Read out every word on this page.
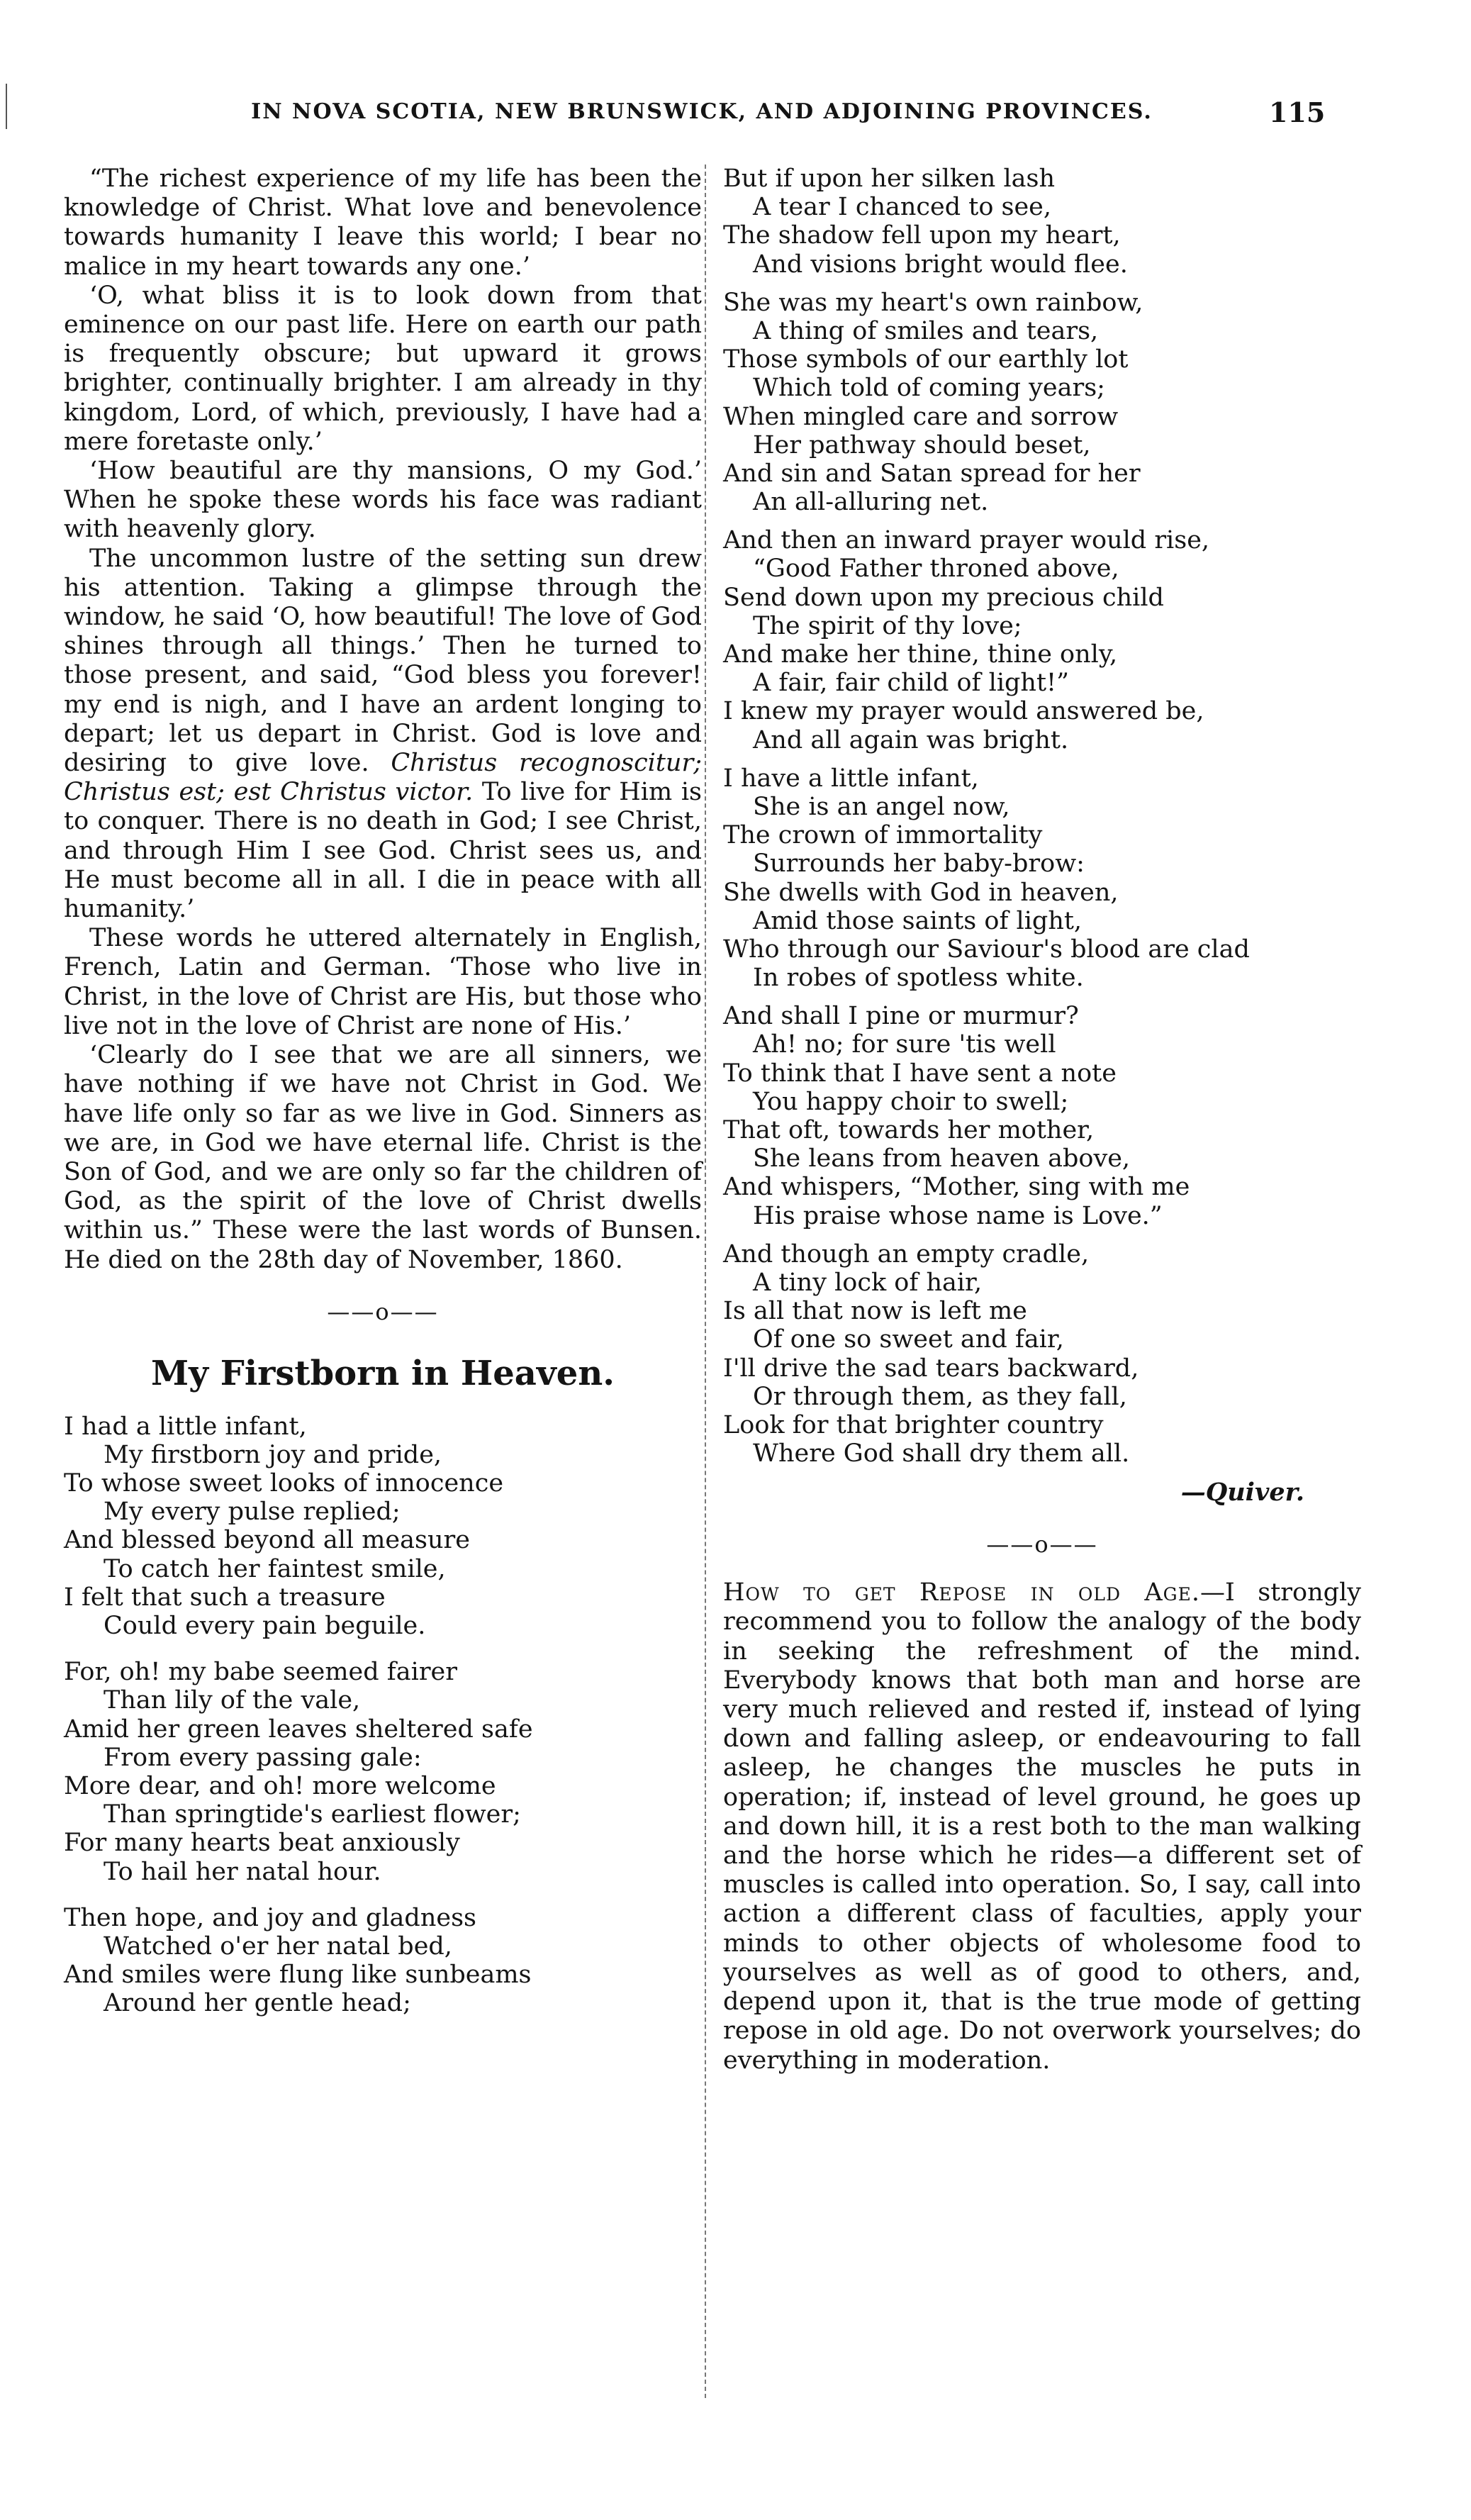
IN NOVA SCOTIA, NEW BRUNSWICK, AND ADJOINING PROVINCES.	115

“The richest experience of my life has been the knowledge of Christ. What love and benevolence towards humanity I leave this world; I bear no malice in my heart towards any one.’

‘O, what bliss it is to look down from that eminence on our past life. Here on earth our path is frequently obscure; but upward it grows brighter, continually brighter. I am already in thy kingdom, Lord, of which, previously, I have had a mere foretaste only.’

‘How beautiful are thy mansions, O my God.’ When he spoke these words his face was radiant with heavenly glory.

The uncommon lustre of the setting sun drew his attention. Taking a glimpse through the window, he said ‘O, how beautiful! The love of God shines through all things.’ Then he turned to those present, and said, “God bless you forever! my end is nigh, and I have an ardent longing to depart; let us depart in Christ. God is love and desiring to give love. Christus recognoscitur; Christus est; est Christus victor. To live for Him is to conquer. There is no death in God; I see Christ, and through Him I see God. Christ sees us, and He must become all in all. I die in peace with all humanity.’

These words he uttered alternately in English, French, Latin and German. ‘Those who live in Christ, in the love of Christ are His, but those who live not in the love of Christ are none of His.’

‘Clearly do I see that we are all sinners, we have nothing if we have not Christ in God. We have life only so far as we live in God. Sinners as we are, in God we have eternal life. Christ is the Son of God, and we are only so far the children of God, as the spirit of the love of Christ dwells within us.” These were the last words of Bunsen. He died on the 28th day of November, 1860.

——o——
My Firstborn in Heaven.
I had a little infant,
My firstborn joy and pride,
To whose sweet looks of innocence
My every pulse replied;
And blessed beyond all measure
To catch her faintest smile,
I felt that such a treasure
Could every pain beguile.
For, oh! my babe seemed fairer
Than lily of the vale,
Amid her green leaves sheltered safe
From every passing gale:
More dear, and oh! more welcome
Than springtide's earliest flower;
For many hearts beat anxiously
To hail her natal hour.
Then hope, and joy and gladness
Watched o'er her natal bed,
And smiles were flung like sunbeams
Around her gentle head;
But if upon her silken lash
A tear I chanced to see,
The shadow fell upon my heart,
And visions bright would flee.
She was my heart's own rainbow,
A thing of smiles and tears,
Those symbols of our earthly lot
Which told of coming years;
When mingled care and sorrow
Her pathway should beset,
And sin and Satan spread for her
An all-alluring net.
And then an inward prayer would rise,
“Good Father throned above,
Send down upon my precious child
The spirit of thy love;
And make her thine, thine only,
A fair, fair child of light!”
I knew my prayer would answered be,
And all again was bright.
I have a little infant,
She is an angel now,
The crown of immortality
Surrounds her baby-brow:
She dwells with God in heaven,
Amid those saints of light,
Who through our Saviour's blood are clad
In robes of spotless white.
And shall I pine or murmur?
Ah! no; for sure 'tis well
To think that I have sent a note
You happy choir to swell;
That oft, towards her mother,
She leans from heaven above,
And whispers, “Mother, sing with me
His praise whose name is Love.”
And though an empty cradle,
A tiny lock of hair,
Is all that now is left me
Of one so sweet and fair,
I'll drive the sad tears backward,
Or through them, as they fall,
Look for that brighter country
Where God shall dry them all.
—Quiver.
——o——

How to get Repose in old Age.—I strongly recommend you to follow the analogy of the body in seeking the refreshment of the mind. Everybody knows that both man and horse are very much relieved and rested if, instead of lying down and falling asleep, or endeavouring to fall asleep, he changes the muscles he puts in operation; if, instead of level ground, he goes up and down hill, it is a rest both to the man walking and the horse which he rides—a different set of muscles is called into operation. So, I say, call into action a different class of faculties, apply your minds to other objects of wholesome food to yourselves as well as of good to others, and, depend upon it, that is the true mode of getting repose in old age. Do not overwork yourselves; do everything in moderation.
